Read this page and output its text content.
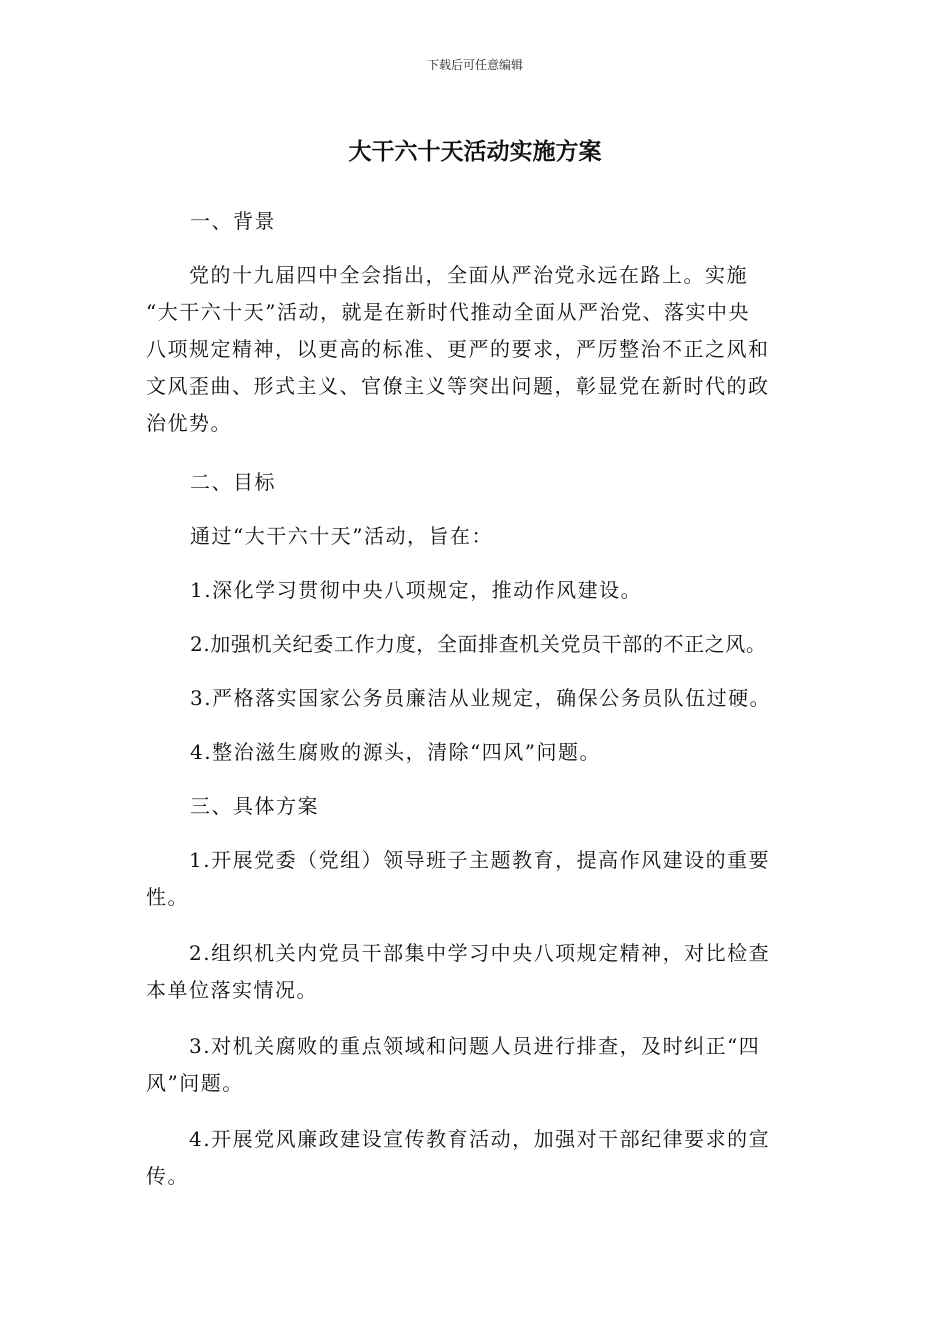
下载后可任意编辑
大干六十天活动实施方案

一、背景

　　党的十九届四中全会指出，全面从严治党永远在路上。实施
“大干六十天”活动，就是在新时代推动全面从严治党、落实中央
八项规定精神，以更高的标准、更严的要求，严厉整治不正之风和
文风歪曲、形式主义、官僚主义等突出问题，彰显党在新时代的政
治优势。

二、目标

通过“大干六十天”活动，旨在：

1.深化学习贯彻中央八项规定，推动作风建设。

2.加强机关纪委工作力度，全面排查机关党员干部的不正之风。

3.严格落实国家公务员廉洁从业规定，确保公务员队伍过硬。

4.整治滋生腐败的源头，清除“四风”问题。

三、具体方案

　　1.开展党委（党组）领导班子主题教育，提高作风建设的重要
性。

　　2.组织机关内党员干部集中学习中央八项规定精神，对比检查
本单位落实情况。

　　3.对机关腐败的重点领域和问题人员进行排查，及时纠正“四
风”问题。

　　4.开展党风廉政建设宣传教育活动，加强对干部纪律要求的宣
传。
